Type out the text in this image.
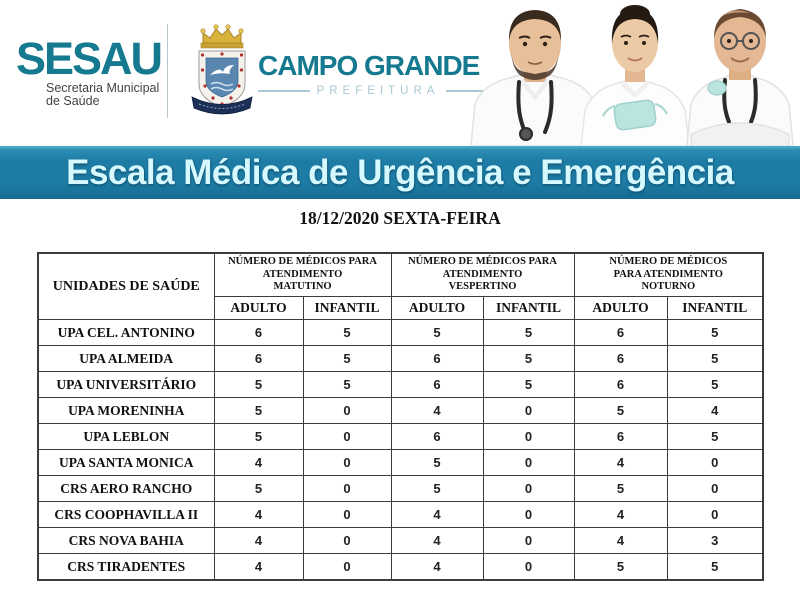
SESAU
Secretaria Municipal
de Saúde
CAMPO GRANDE
PREFEITURA
Escala Médica de Urgência e Emergência
18/12/2020 SEXTA-FEIRA
UNIDADES DE SAÚDE	
NÚMERO DE MÉDICOS PARA
ATENDIMENTO
MATUTINO

NÚMERO DE MÉDICOS PARA
ATENDIMENTO
VESPERTINO

NÚMERO DE MÉDICOS
PARA ATENDIMENTO
NOTURNO

	ADULTO	INFANTIL	ADULTO	INFANTIL	ADULTO	INFANTIL
UPA CEL. ANTONINO	6	5	5	5	6	5
UPA ALMEIDA	6	5	6	5	6	5
UPA UNIVERSITÁRIO	5	5	6	5	6	5
UPA MORENINHA	5	0	4	0	5	4
UPA LEBLON	5	0	6	0	6	5
UPA SANTA MONICA	4	0	5	0	4	0
CRS AERO RANCHO	5	0	5	0	5	0
CRS COOPHAVILLA II	4	0	4	0	4	0
CRS NOVA BAHIA	4	0	4	0	4	3
CRS TIRADENTES	4	0	4	0	5	5
